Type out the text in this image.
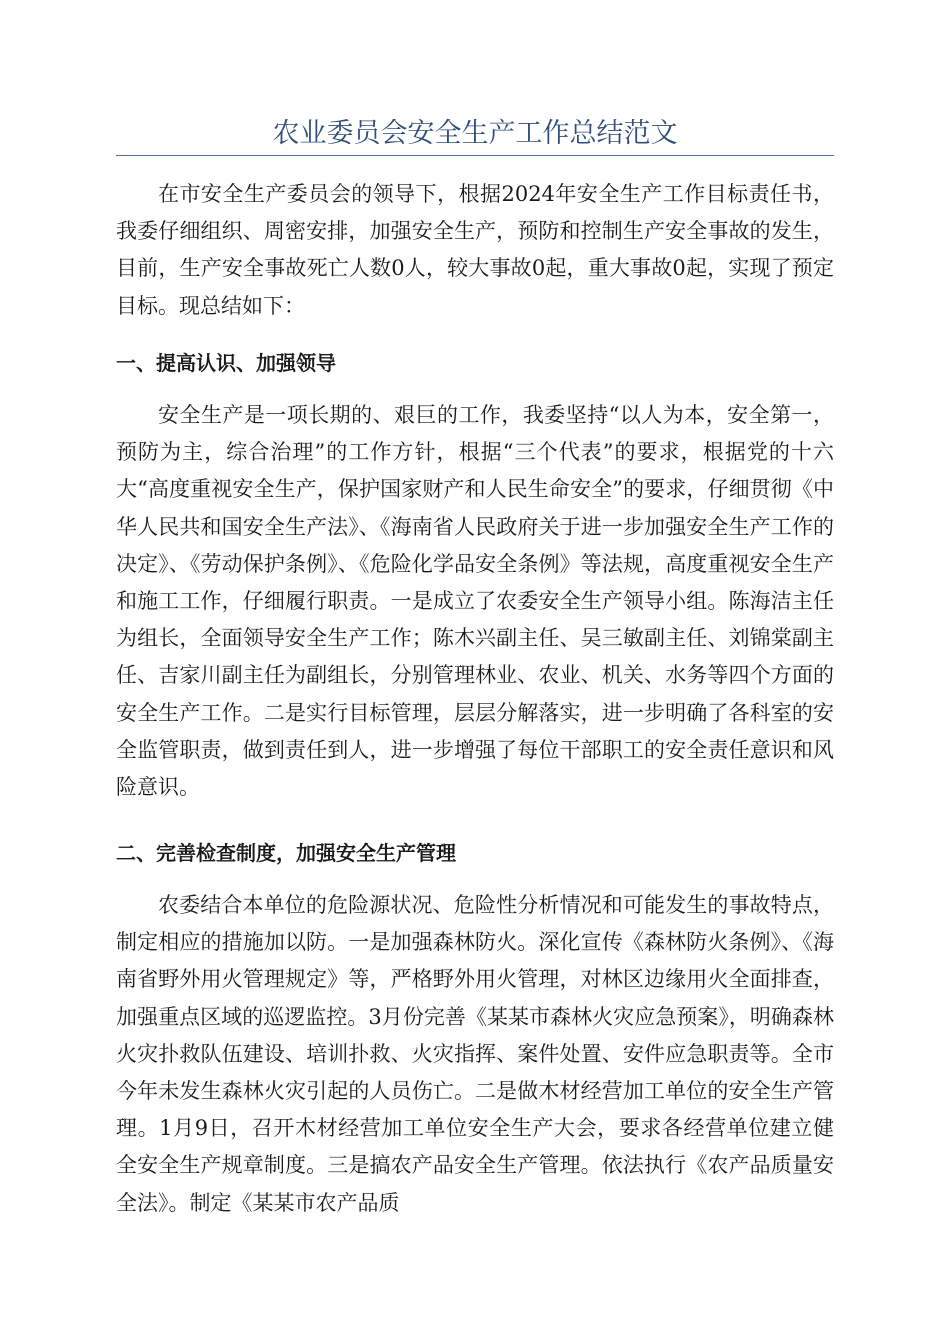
农业委员会安全生产工作总结范文

在市安全生产委员会的领导下，根据2024年安全生产工作目标责任书，我委仔细组织、周密安排，加强安全生产，预防和控制生产安全事故的发生，目前，生产安全事故死亡人数0人，较大事故0起，重大事故0起，实现了预定目标。现总结如下：

一、提高认识、加强领导

安全生产是一项长期的、艰巨的工作，我委坚持“以人为本，安全第一，预防为主，综合治理”的工作方针，根据“三个代表”的要求，根据党的十六大“高度重视安全生产，保护国家财产和人民生命安全”的要求，仔细贯彻《中华人民共和国安全生产法》、《海南省人民政府关于进一步加强安全生产工作的决定》、《劳动保护条例》、《危险化学品安全条例》等法规，高度重视安全生产和施工工作，仔细履行职责。一是成立了农委安全生产领导小组。陈海洁主任为组长，全面领导安全生产工作；陈木兴副主任、吴三敏副主任、刘锦棠副主任、吉家川副主任为副组长，分别管理林业、农业、机关、水务等四个方面的安全生产工作。二是实行目标管理，层层分解落实，进一步明确了各科室的安全监管职责，做到责任到人，进一步增强了每位干部职工的安全责任意识和风险意识。

二、完善检查制度，加强安全生产管理

农委结合本单位的危险源状况、危险性分析情况和可能发生的事故特点，制定相应的措施加以防。一是加强森林防火。深化宣传《森林防火条例》、《海南省野外用火管理规定》等，严格野外用火管理，对林区边缘用火全面排查，加强重点区域的巡逻监控。3月份完善《某某市森林火灾应急预案》，明确森林火灾扑救队伍建设、培训扑救、火灾指挥、案件处置、安件应急职责等。全市今年未发生森林火灾引起的人员伤亡。二是做木材经营加工单位的安全生产管理。1月9日，召开木材经营加工单位安全生产大会，要求各经营单位建立健全安全生产规章制度。三是搞农产品安全生产管理。依法执行《农产品质量安全法》。制定《某某市农产品质
